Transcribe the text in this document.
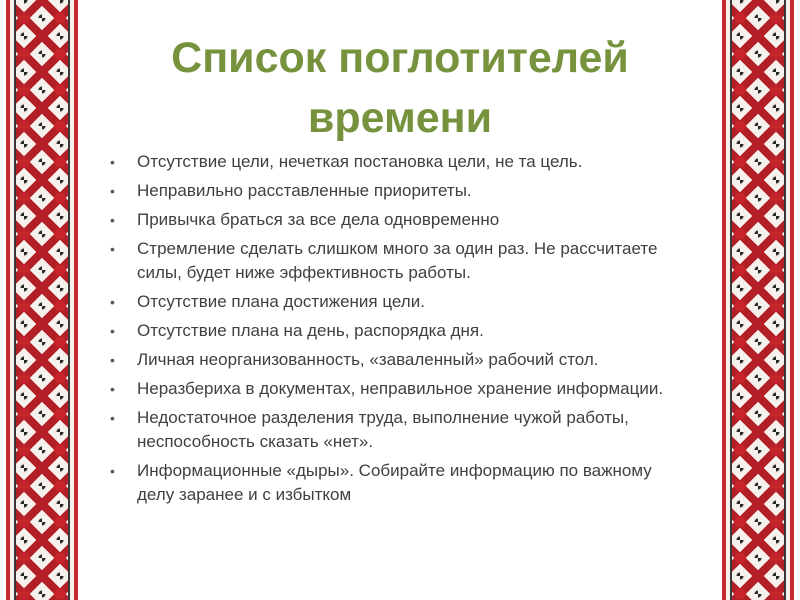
Список поглотителей
времени
•	Отсутствие цели, нечеткая постановка цели, не та цель.
•	Неправильно расставленные приоритеты.
•	Привычка браться за все дела одновременно
•	Стремление сделать слишком много за один раз. Не рассчитаете силы, будет ниже эффективность работы.
•	Отсутствие плана достижения цели.
•	Отсутствие плана на день, распорядка дня.
•	Личная неорганизованность, «заваленный» рабочий стол.
•	Неразбериха в документах, неправильное хранение информации.
•	Недостаточное разделения труда, выполнение чужой работы, неспособность сказать «нет».
•	Информационные «дыры». Собирайте информацию по важному делу заранее и с избытком
